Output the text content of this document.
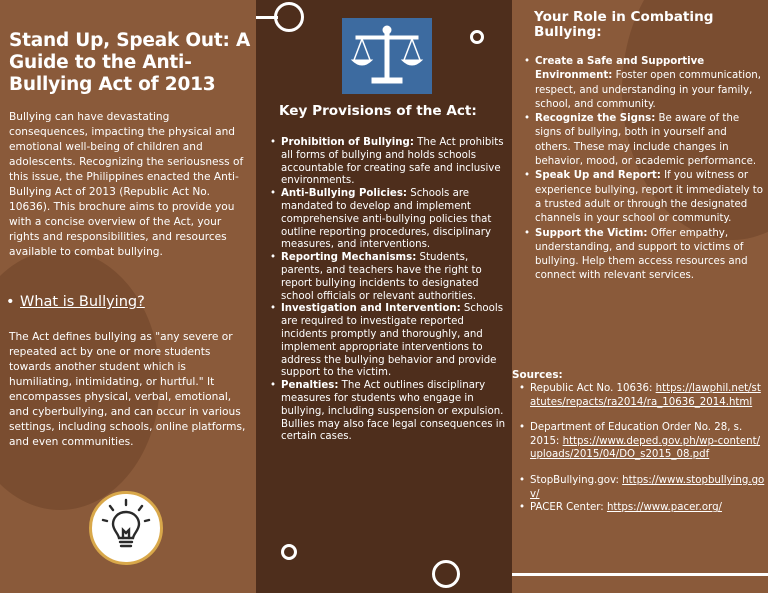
Stand Up, Speak Out: A Guide to the Anti-Bullying Act of 2013
Bullying can have devastating consequences, impacting the physical and emotional well-being of children and adolescents. Recognizing the seriousness of this issue, the Philippines enacted the Anti-Bullying Act of 2013 (Republic Act No. 10636). This brochure aims to provide you with a concise overview of the Act, your rights and responsibilities, and resources available to combat bullying.
• What is Bullying?
The Act defines bullying as "any severe or repeated act by one or more students towards another student which is humiliating, intimidating, or hurtful." It encompasses physical, verbal, emotional, and cyberbullying, and can occur in various settings, including schools, online platforms, and even communities.
Key Provisions of the Act:
• Prohibition of Bullying: The Act prohibits all forms of bullying and holds schools accountable for creating safe and inclusive environments.
• Anti-Bullying Policies: Schools are mandated to develop and implement comprehensive anti-bullying policies that outline reporting procedures, disciplinary measures, and interventions.
• Reporting Mechanisms: Students, parents, and teachers have the right to report bullying incidents to designated school officials or relevant authorities.
• Investigation and Intervention: Schools are required to investigate reported incidents promptly and thoroughly, and implement appropriate interventions to address the bullying behavior and provide support to the victim.
• Penalties: The Act outlines disciplinary measures for students who engage in bullying, including suspension or expulsion. Bullies may also face legal consequences in certain cases.
Your Role in Combating Bullying:
• Create a Safe and Supportive Environment: Foster open communication, respect, and understanding in your family, school, and community.
• Recognize the Signs: Be aware of the signs of bullying, both in yourself and others. These may include changes in behavior, mood, or academic performance.
• Speak Up and Report: If you witness or experience bullying, report it immediately to a trusted adult or through the designated channels in your school or community.
• Support the Victim: Offer empathy, understanding, and support to victims of bullying. Help them access resources and connect with relevant services.
Sources:
• Republic Act No. 10636: https://lawphil.net/statutes/repacts/ra2014/ra_10636_2014.html
• Department of Education Order No. 28, s. 2015: https://www.deped.gov.ph/wp-content/uploads/2015/04/DO_s2015_08.pdf
• StopBullying.gov: https://www.stopbullying.gov/
• PACER Center: https://www.pacer.org/
